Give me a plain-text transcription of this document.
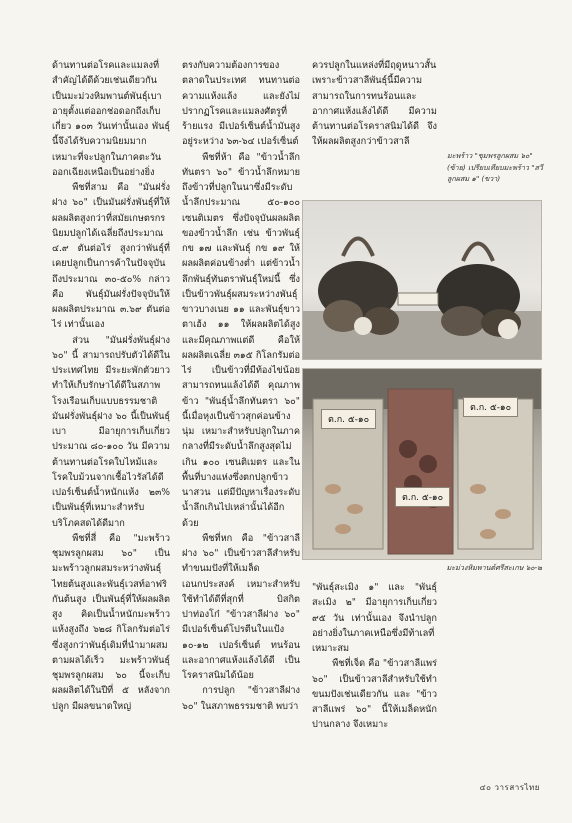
ด้านทานต่อโรคและแมลงที่สำคัญได้ดีด้วยเช่นเดียวกัน เป็นมะม่วงหิมพานต์พันธุ์เบาอายุตั้งแต่ออกช่อดอกถึงเก็บเกี่ยว ๑๐๓ วันเท่านั้นเอง พันธุ์นี้จึงได้รับความนิยมมาก เหมาะที่จะปลูกในภาคตะวันออกเฉียงเหนือเป็นอย่างยิ่ง

พืชที่สาม คือ "มันฝรั่งฝาง ๖๐" เป็นมันฝรั่งพันธุ์ที่ให้ผลผลิตสูงกว่าที่สมัยเกษตรกรนิยมปลูกได้เฉลี่ยถึงประมาณ ๔.๙ ตันต่อไร่ สูงกว่าพันธุ์ที่เคยปลูกเป็นการค้าในปัจจุบันถึงประมาณ ๓๐-๕๐% กล่าวคือ พันธุ์มันฝรั่งปัจจุบันให้ผลผลิตประมาณ ๓.๖๙ ตันต่อไร่ เท่านั้นเอง

ส่วน "มันฝรั่งพันธุ์ฝาง ๖๐" นี้ สามารถปรับตัวได้ดีในประเทศไทย มีระยะพักตัวยาว ทำให้เก็บรักษาได้ดีในสภาพโรงเรือนเก็บแบบธรรมชาติ มันฝรั่งพันธุ์ฝาง ๖๐ นี้เป็นพันธุ์เบา มีอายุการเก็บเกี่ยวประมาณ ๘๐-๑๐๐ วัน มีความต้านทานต่อโรคใบไหม้และโรคใบม้วนจากเชื้อไวรัสได้ดี เปอร์เซ็นต์น้ำหนักแห้ง ๒๓% เป็นพันธุ์ที่เหมาะสำหรับบริโภคสดได้ดีมาก

พืชที่สี่ คือ "มะพร้าวชุมพรลูกผสม ๖๐" เป็นมะพร้าวลูกผสมระหว่างพันธุ์ไทยต้นสูงและพันธุ์เวสท์อาฟริกันต้นสูง เป็นพันธุ์ที่ให้ผลผลิตสูง คิดเป็นน้ำหนักมะพร้าวแห้งสูงถึง ๖๒๘ กิโลกรัมต่อไร่ ซึ่งสูงกว่าพันธุ์เดิมที่นำมาผสม ตามผลได้เร็ว มะพร้าวพันธุ์ชุมพรลูกผสม ๖๐ นี้จะเก็บผลผลิตได้ในปีที่ ๕ หลังจากปลูก มีผลขนาดใหญ่

ตรงกับความต้องการของตลาดในประเทศ ทนทานต่อความแห้งแล้ง และยังไม่ปรากฏโรคและแมลงศัตรูที่ร้ายแรง มีเปอร์เซ็นต์น้ำมันสูง อยู่ระหว่าง ๖๓-๖๔ เปอร์เซ็นต์

พืชที่ห้า คือ "ข้าวน้ำลึกทันตรา ๖๐" ข้าวน้ำลึกหมายถึงข้าวที่ปลูกในนาซึ่งมีระดับน้ำลึกประมาณ ๕๐-๑๐๐ เซนติเมตร ซึ่งปัจจุบันผลผลิตของข้าวน้ำลึก เช่น ข้าวพันธุ์ กข ๑๗ และพันธุ์ กข ๑๙ ให้ผลผลิตค่อนข้างต่ำ แต่ข้าวน้ำลึกพันธุ์ทันตราพันธุ์ใหม่นี้ ซึ่งเป็นข้าวพันธุ์ผสมระหว่างพันธุ์ขาวบางเนย ๑๑ และพันธุ์ขาวตาเฮ้ง ๑๑ ให้ผลผลิตได้สูง และมีคุณภาพแต่ดี คือให้ผลผลิตเฉลี่ย ๓๑๕ กิโลกรัมต่อไร่ เป็นข้าวที่มีท้องไข่น้อย สามารถทนแล้งได้ดี คุณภาพข้าว "พันธุ์น้ำลึกทันตรา ๖๐" นี้เมื่อหุงเป็นข้าวสุกค่อนข้างนุ่ม เหมาะสำหรับปลูกในภาคกลางที่มีระดับน้ำลึกสูงสุดไม่เกิน ๑๐๐ เซนติเมตร และในพื้นที่บางแห่งซึ่งตกปลูกข้าวนาสวน แต่มีปัญหาเรื่องระดับน้ำลึกเกินไปเหล่านั้นได้อีกด้วย

พืชที่หก คือ "ข้าวสาลีฝาง ๖๐" เป็นข้าวสาลีสำหรับทำขนมปังที่ให้เมล็ดเอนกประสงค์ เหมาะสำหรับใช้ทำได้ดีที่สุกที่ บิสกิต ปาท่องโก๋ "ข้าวสาลีฝาง ๖๐" มีเปอร์เซ็นต์โปรตีนในแป้ง ๑๐-๑๒ เปอร์เซ็นต์ ทนร้อนและอากาศแห้งแล้งได้ดี เป็นโรคราสนิมได้น้อย

การปลูก "ข้าวสาลีฝาง ๖๐" ในสภาพธรรมชาติ พบว่า

ควรปลูกในแหล่งที่มีฤดูหนาวสั้น เพราะข้าวสาลีพันธุ์นี้มีความสามารถในการทนร้อนและอากาศแห้งแล้งได้ดี มีความต้านทานต่อโรคราสนิมได้ดี จึงให้ผลผลิตสูงกว่าข้าวสาลี

มะพร้าว "ชุมพรลูกผสม ๖๐" (ซ้าย) เปรียบเทียบมะพร้าว "สวีลูกผสม ๑" (ขวา)
ต.ก. ๕-๑๐
ต.ก. ๕-๑๐
ต.ก. ๕-๑๐
มะม่วงหิมพานต์ศรีสะเกษ ๖๐-๒

"พันธุ์สะเมิง ๑" และ "พันธุ์สะเมิง ๒" มีอายุการเก็บเกี่ยว ๙๕ วัน เท่านั้นเอง จึงนำปลูกอย่างยิ่งในภาคเหนือซึ่งมีท้าเลที่เหมาะสม

พืชที่เจ็ด คือ "ข้าวสาลีแพร่ ๖๐" เป็นข้าวสาลีสำหรับใช้ทำขนมปังเช่นเดียวกัน และ "ข้าวสาลีแพร่ ๖๐" นี้ให้เมล็ดหนักปานกลาง จึงเหมาะ

๔๐ วารสารไทย
